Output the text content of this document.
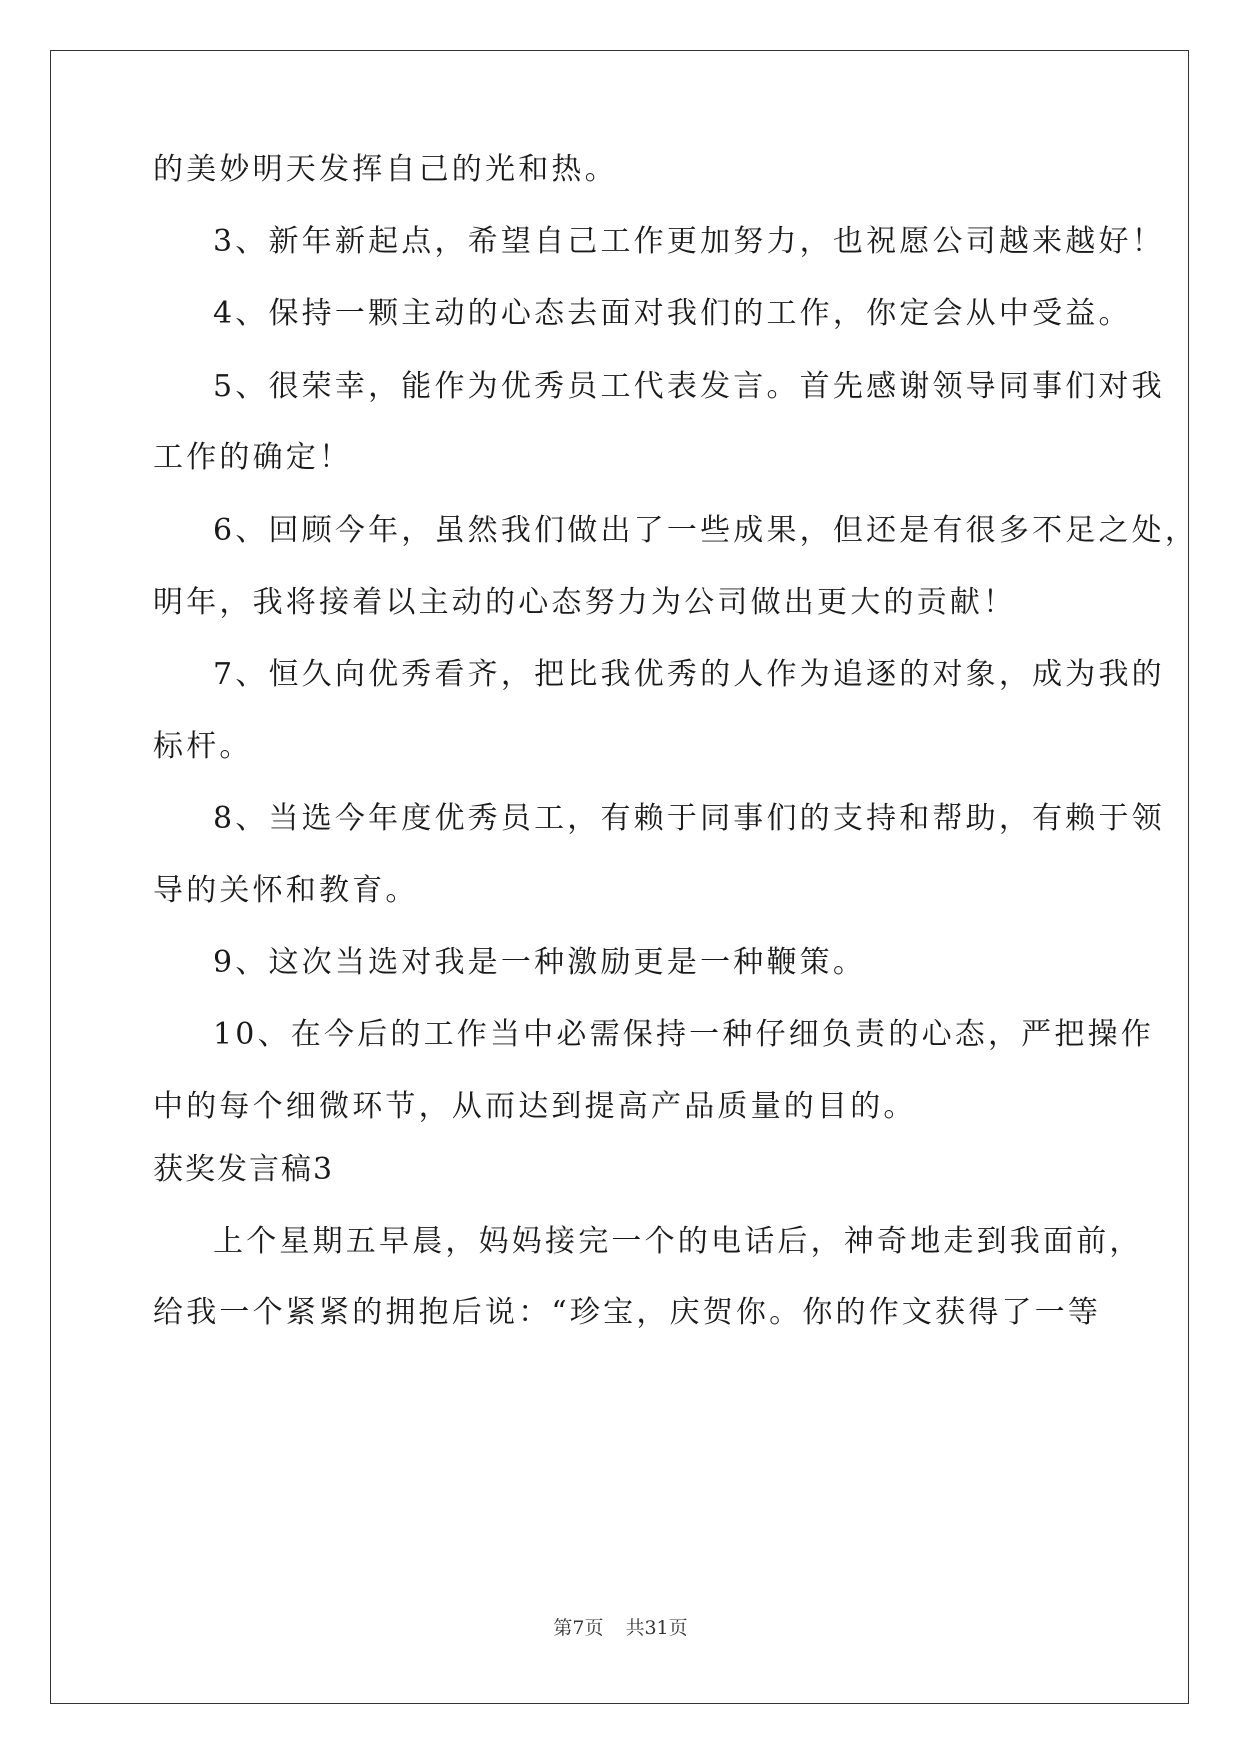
的美妙明天发挥自己的光和热。
3、新年新起点，希望自己工作更加努力，也祝愿公司越来越好！
4、保持一颗主动的心态去面对我们的工作，你定会从中受益。
5、很荣幸，能作为优秀员工代表发言。首先感谢领导同事们对我
工作的确定！
6、回顾今年，虽然我们做出了一些成果，但还是有很多不足之处，
明年，我将接着以主动的心态努力为公司做出更大的贡献！
7、恒久向优秀看齐，把比我优秀的人作为追逐的对象，成为我的
标杆。
8、当选今年度优秀员工，有赖于同事们的支持和帮助，有赖于领
导的关怀和教育。
9、这次当选对我是一种激励更是一种鞭策。
10、在今后的工作当中必需保持一种仔细负责的心态，严把操作
中的每个细微环节，从而达到提高产品质量的目的。
获奖发言稿3
上个星期五早晨，妈妈接完一个的电话后，神奇地走到我面前，
给我一个紧紧的拥抱后说：“珍宝，庆贺你。你的作文获得了一等
第7页 共31页
